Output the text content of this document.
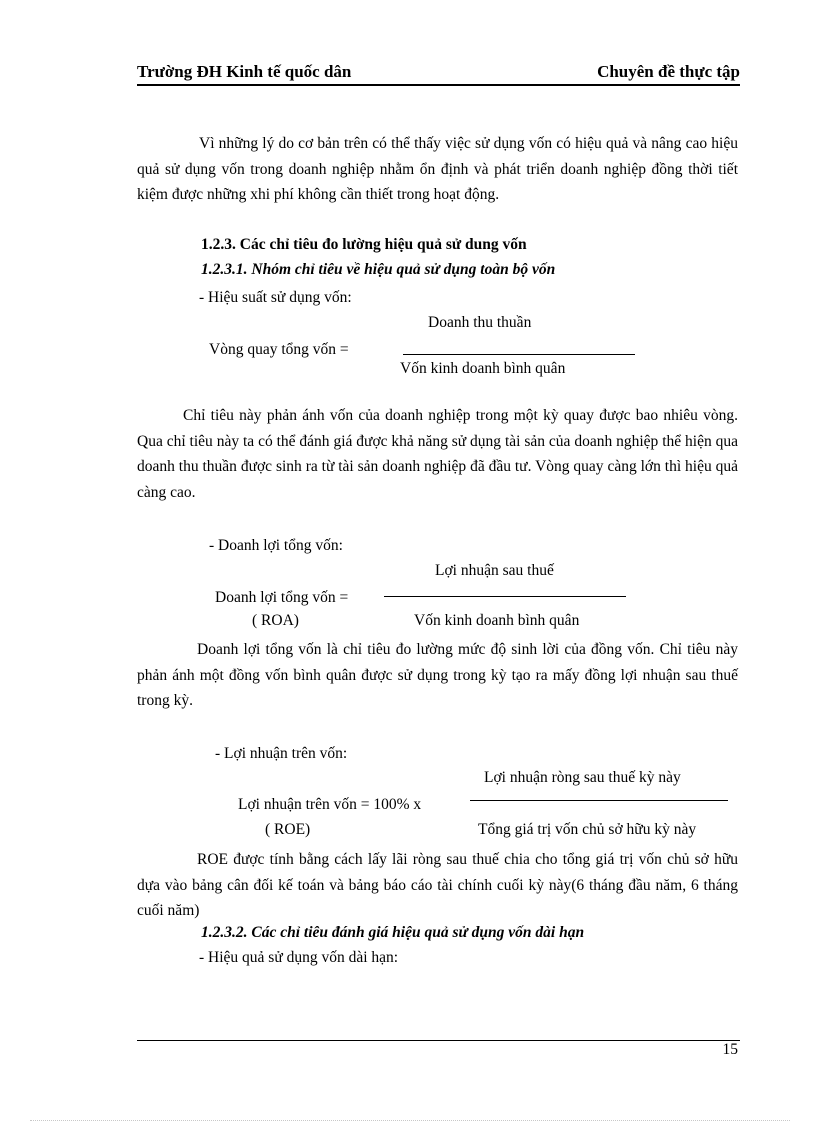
Trường ĐH Kinh tế quốc dân	Chuyên đề thực tập

Vì những lý do cơ bản trên có thể thấy việc sử dụng vốn có hiệu quả và nâng cao hiệu quả sử dụng vốn trong doanh nghiệp nhằm ổn định và phát triển doanh nghiệp đồng thời tiết kiệm được những xhi phí không cần thiết trong hoạt động.

1.2.3. Các chỉ tiêu đo lường hiệu quả sử dung vốn
1.2.3.1. Nhóm chỉ tiêu về hiệu quả sử dụng toàn bộ vốn
- Hiệu suất sử dụng vốn:
Doanh thu thuần
Vòng quay tổng vốn =
Vốn kinh doanh bình quân

Chỉ tiêu này phản ánh vốn của doanh nghiệp trong một kỳ quay được bao nhiêu vòng. Qua chỉ tiêu này ta có thể đánh giá được khả năng sử dụng tài sản của doanh nghiệp thể hiện qua doanh thu thuần được sinh ra từ tài sản doanh nghiệp đã đầu tư. Vòng quay càng lớn thì hiệu quả càng cao.

- Doanh lợi tổng vốn:
Lợi nhuận sau thuế
Doanh lợi tổng vốn =
( ROA)	Vốn kinh doanh bình quân

Doanh lợi tổng vốn là chỉ tiêu đo lường mức độ sinh lời của đồng vốn. Chỉ tiêu này phản ánh một đồng vốn bình quân được sử dụng trong kỳ tạo ra mấy đồng lợi nhuận sau thuế trong kỳ.

- Lợi nhuận trên vốn:
Lợi nhuận ròng sau thuế kỳ này
Lợi nhuận trên vốn = 100% x
( ROE)	Tổng giá trị vốn chủ sở hữu kỳ này

ROE được tính bằng cách lấy lãi ròng sau thuế chia cho tổng giá trị vốn chủ sở hữu dựa vào bảng cân đối kế toán và bảng báo cáo tài chính cuối kỳ này(6 tháng đầu năm, 6 tháng cuối năm)

1.2.3.2. Các chỉ tiêu đánh giá hiệu quả sử dụng vốn dài hạn
- Hiệu quả sử dụng vốn dài hạn:
15
